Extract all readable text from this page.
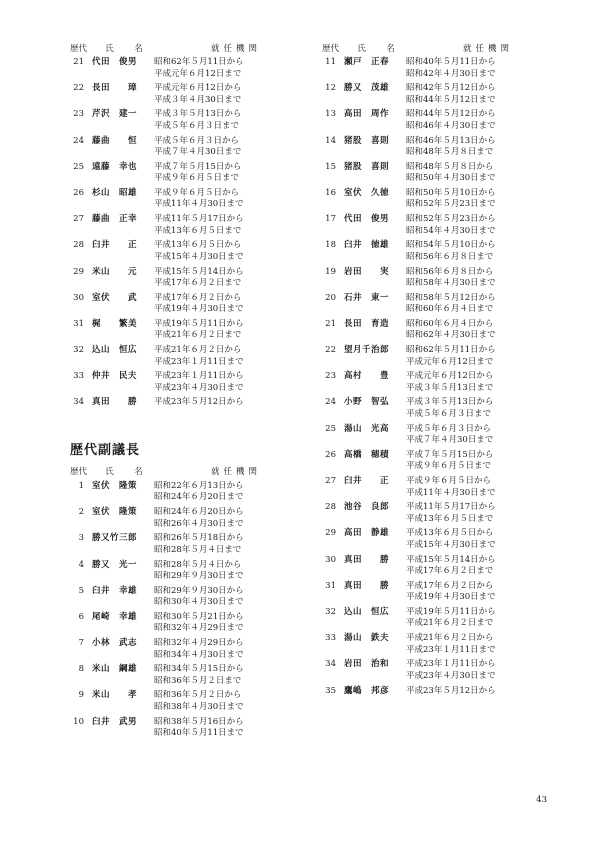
歴代	氏　名	就任機関
21 代田　俊男	昭和62年５月11日から
平成元年６月12日まで
22 長田　　璋	平成元年６月12日から
平成３年４月30日まで
23 芹沢　建一	平成３年５月13日から
平成５年６月３日まで
24 藤曲　　恒	平成５年６月３日から
平成７年４月30日まで
25 遠藤　幸也	平成７年５月15日から
平成９年６月５日まで
26 杉山　昭雄	平成９年６月５日から
平成11年４月30日まで
27 藤曲　正幸	平成11年５月17日から
平成13年６月５日まで
28 臼井　　正	平成13年６月５日から
平成15年４月30日まで
29 米山　　元	平成15年５月14日から
平成17年６月２日まで
30 室伏　　武	平成17年６月２日から
平成19年４月30日まで
31 梶　　繁美	平成19年５月11日から
平成21年６月２日まで
32 込山　恒広	平成21年６月２日から
平成23年１月11日まで
33 仲井　民夫	平成23年１月11日から
平成23年４月30日まで
34 真田　　勝	平成23年５月12日から
歴代副議長
歴代	氏　名	就任機関
1 室伏　隆策	昭和22年６月13日から
昭和24年６月20日まで
2 室伏　隆策	昭和24年６月20日から
昭和26年４月30日まで
3 勝又竹三郎	昭和26年５月18日から
昭和28年５月４日まで
4 勝又　光一	昭和28年５月４日から
昭和29年９月30日まで
5 臼井　幸雄	昭和29年９月30日から
昭和30年４月30日まで
6 尾崎　幸雄	昭和30年５月21日から
昭和32年４月29日まで
7 小林　武志	昭和32年４月29日から
昭和34年４月30日まで
8 米山　綱雄	昭和34年５月15日から
昭和36年５月２日まで
9 米山　　孝	昭和36年５月２日から
昭和38年４月30日まで
10 臼井　武男	昭和38年５月16日から
昭和40年５月11日まで
歴代	氏　名	就任機関
11 瀬戸　正春	昭和40年５月11日から
昭和42年４月30日まで
12 勝又　茂雄	昭和42年５月12日から
昭和44年５月12日まで
13 高田　周作	昭和44年５月12日から
昭和46年４月30日まで
14 猪股　喜則	昭和46年５月13日から
昭和48年５月８日まで
15 猪股　喜則	昭和48年５月８日から
昭和50年４月30日まで
16 室伏　久徳	昭和50年５月10日から
昭和52年５月23日まで
17 代田　俊男	昭和52年５月23日から
昭和54年４月30日まで
18 臼井　徳雄	昭和54年５月10日から
昭和56年６月８日まで
19 岩田　　実	昭和56年６月８日から
昭和58年４月30日まで
20 石井　東一	昭和58年５月12日から
昭和60年６月４日まで
21 長田　育造	昭和60年６月４日から
昭和62年４月30日まで
22 望月千治郎	昭和62年５月11日から
平成元年６月12日まで
23 高村　　豊	平成元年６月12日から
平成３年５月13日まで
24 小野　智弘	平成３年５月13日から
平成５年６月３日まで
25 湯山　光高	平成５年６月３日から
平成７年４月30日まで
26 高橋　穂積	平成７年５月15日から
平成９年６月５日まで
27 臼井　　正	平成９年６月５日から
平成11年４月30日まで
28 池谷　良郎	平成11年５月17日から
平成13年６月５日まで
29 高田　静雄	平成13年６月５日から
平成15年４月30日まで
30 真田　　勝	平成15年５月14日から
平成17年６月２日まで
31 真田　　勝	平成17年６月２日から
平成19年４月30日まで
32 込山　恒広	平成19年５月11日から
平成21年６月２日まで
33 湯山　鉄夫	平成21年６月２日から
平成23年１月11日まで
34 岩田　治和	平成23年１月11日から
平成23年４月30日まで
35 鷹嶋　邦彦	平成23年５月12日から
43
